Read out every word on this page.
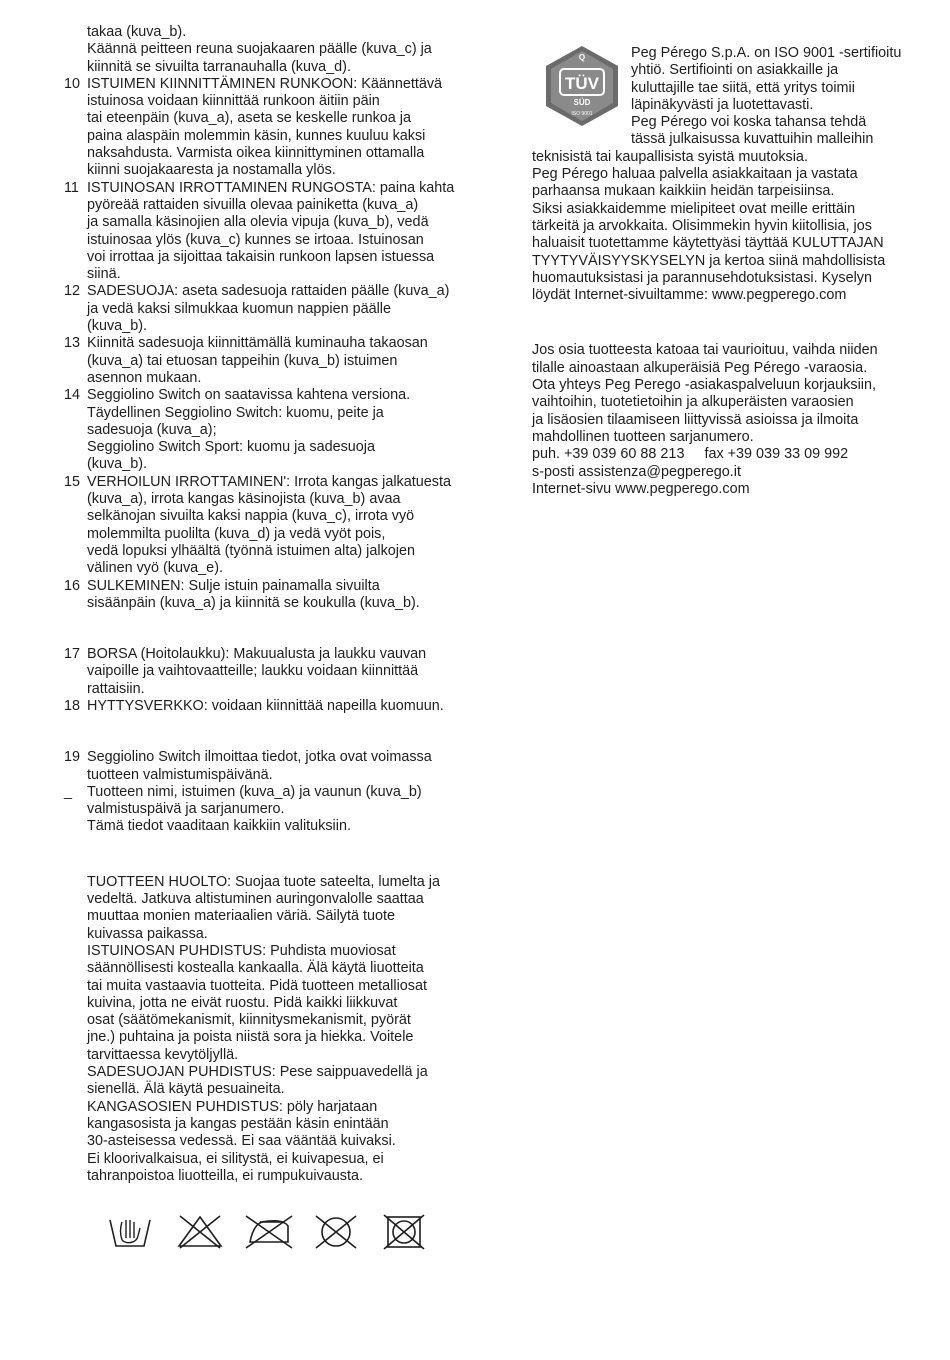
takaa (kuva_b).
Käännä peitteen reuna suojakaaren päälle (kuva_c) ja
kiinnitä se sivuilta tarranauhalla (kuva_d).
10 ISTUIMEN KIINNITTÄMINEN RUNKOON: Käännettävä
istuinosa voidaan kiinnittää runkoon äitiin päin
tai eteenpäin (kuva_a), aseta se keskelle runkoa ja
paina alaspäin molemmin käsin, kunnes kuuluu kaksi
naksahdusta. Varmista oikea kiinnittyminen ottamalla
kiinni suojakaaresta ja nostamalla ylös.
11 ISTUINOSAN IRROTTAMINEN RUNGOSTA: paina kahta
pyöreää rattaiden sivuilla olevaa painiketta (kuva_a)
ja samalla käsinojien alla olevia vipuja (kuva_b), vedä
istuinosaa ylös (kuva_c) kunnes se irtoaa. Istuinosan
voi irrottaa ja sijoittaa takaisin runkoon lapsen istuessa
siinä.
12 SADESUOJA: aseta sadesuoja rattaiden päälle (kuva_a)
ja vedä kaksi silmukkaa kuomun nappien päälle
(kuva_b).
13 Kiinnitä sadesuoja kiinnittämällä kuminauha takaosan
(kuva_a) tai etuosan tappeihin (kuva_b) istuimen
asennon mukaan.
14 Seggiolino Switch on saatavissa kahtena versiona.
Täydellinen Seggiolino Switch: kuomu, peite ja
sadesuoja (kuva_a);
Seggiolino Switch Sport: kuomu ja sadesuoja
(kuva_b).
15 VERHOILUN IRROTTAMINEN': Irrota kangas jalkatuesta
(kuva_a), irrota kangas käsinojista (kuva_b) avaa
selkänojan sivuilta kaksi nappia (kuva_c), irrota vyö
molemmilta puolilta (kuva_d) ja vedä vyöt pois,
vedä lopuksi ylhäältä (työnnä istuimen alta) jalkojen
välinen vyö (kuva_e).
16 SULKEMINEN: Sulje istuin painamalla sivuilta
sisäänpäin (kuva_a) ja kiinnitä se koukulla (kuva_b).
17 BORSA (Hoitolaukku): Makuualusta ja laukku vauvan
vaipoille ja vaihtovaatteille; laukku voidaan kiinnittää
rattaisiin.
18 HYTTYSVERKKO: voidaan kiinnittää napeilla kuomuun.
19 Seggiolino Switch ilmoittaa tiedot, jotka ovat voimassa
tuotteen valmistumispäivänä.
_	Tuotteen nimi, istuimen (kuva_a) ja vaunun (kuva_b)
valmistuspäivä ja sarjanumero.
Tämä tiedot vaaditaan kaikkiin valituksiin.
TUOTTEEN HUOLTO: Suojaa tuote sateelta, lumelta ja
vedeltä. Jatkuva altistuminen auringonvalolle saattaa
muuttaa monien materiaalien väriä. Säilytä tuote
kuivassa paikassa.
ISTUINOSAN PUHDISTUS: Puhdista muoviosat
säännöllisesti kostealla kankaalla. Älä käytä liuotteita
tai muita vastaavia tuotteita. Pidä tuotteen metalliosat
kuivina, jotta ne eivät ruostu. Pidä kaikki liikkuvat
osat (säätömekanismit, kiinnitysmekanismit, pyörät
jne.) puhtaina ja poista niistä sora ja hiekka. Voitele
tarvittaessa kevytöljyllä.
SADESUOJAN PUHDISTUS: Pese saippuavedellä ja
sienellä. Älä käytä pesuaineita.
KANGASOSIEN PUHDISTUS: pöly harjataan
kangasosista ja kangas pestään käsin enintään
30-asteisessa vedessä. Ei saa vääntää kuivaksi.
Ei kloorivalkaisua, ei silitystä, ei kuivapesua, ei
tahranpoistoa liuotteilla, ei rumpukuivausta.
Q
TÜV
SÜD
ISO 9001
Peg Pérego S.p.A. on ISO 9001 -sertifioitu
yhtiö. Sertifiointi on asiakkaille ja
kuluttajille tae siitä, että yritys toimii
läpinäkyvästi ja luotettavasti.
Peg Pérego voi koska tahansa tehdä
tässä julkaisussa kuvattuihin malleihin
teknisistä tai kaupallisista syistä muutoksia.
Peg Pérego haluaa palvella asiakkaitaan ja vastata
parhaansa mukaan kaikkiin heidän tarpeisiinsa.
Siksi asiakkaidemme mielipiteet ovat meille erittäin
tärkeitä ja arvokkaita. Olisimmekin hyvin kiitollisia, jos
haluaisit tuotettamme käytettyäsi täyttää KULUTTAJAN
TYYTYVÄISYYSKYSELYN ja kertoa siinä mahdollisista
huomautuksistasi ja parannusehdotuksistasi. Kyselyn
löydät Internet-sivuiltamme: www.pegperego.com
Jos osia tuotteesta katoaa tai vaurioituu, vaihda niiden
tilalle ainoastaan alkuperäisiä Peg Pérego -varaosia.
Ota yhteys Peg Perego -asiakaspalveluun korjauksiin,
vaihtoihin, tuotetietoihin ja alkuperäisten varaosien
ja lisäosien tilaamiseen liittyvissä asioissa ja ilmoita
mahdollinen tuotteen sarjanumero.
puh. +39 039 60 88 213 fax +39 039 33 09 992
s-posti assistenza@pegperego.it
Internet-sivu www.pegperego.com
